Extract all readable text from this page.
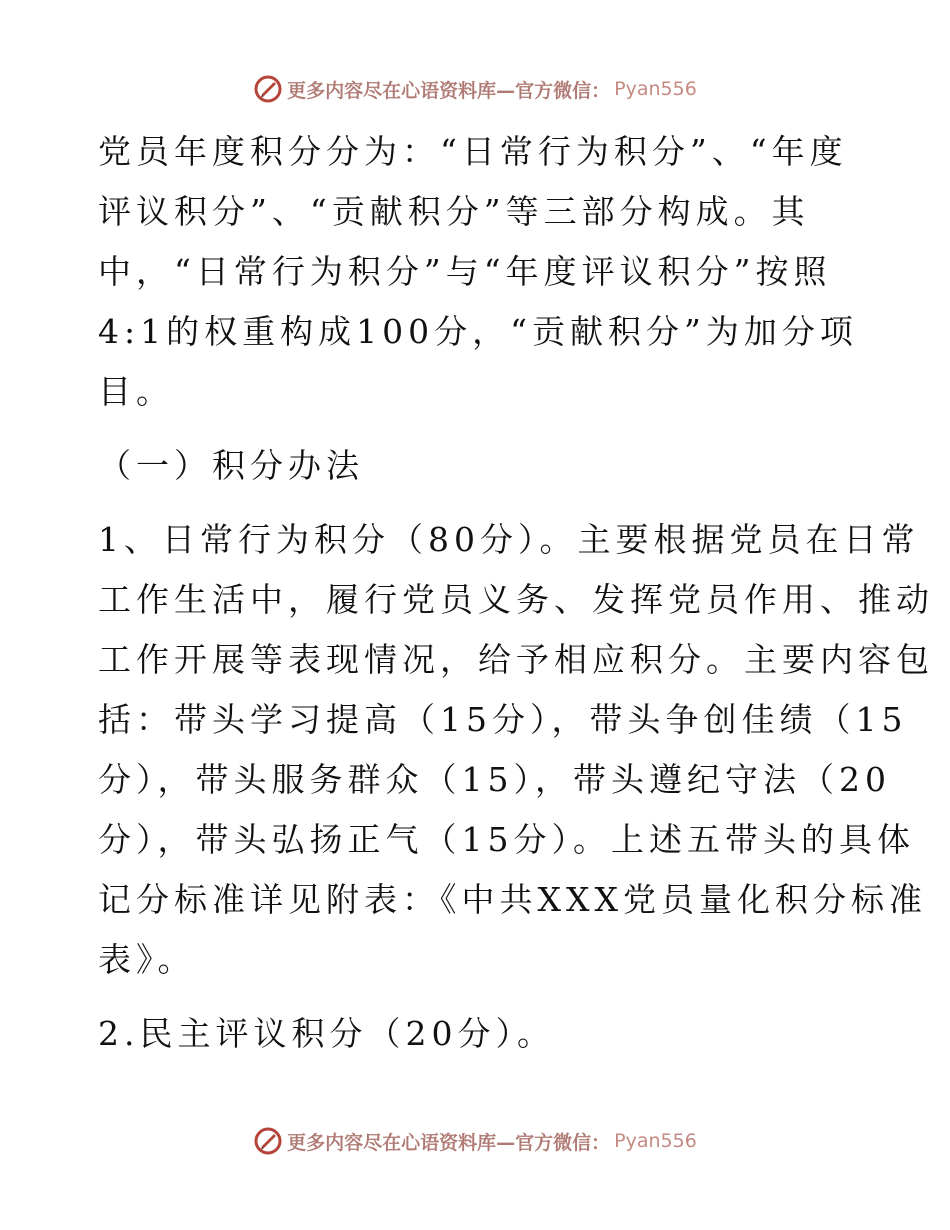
更多内容尽在心语资料库—官方微信： Pyan556
党员年度积分分为：“日常行为积分”、“年度
评议积分”、“贡献积分”等三部分构成。其
中，“日常行为积分”与“年度评议积分”按照
4:1的权重构成100分，“贡献积分”为加分项
目。
（一）积分办法
1、日常行为积分（80分）。主要根据党员在日常
工作生活中，履行党员义务、发挥党员作用、推动
工作开展等表现情况，给予相应积分。主要内容包
括：带头学习提高（15分），带头争创佳绩（15
分），带头服务群众（15），带头遵纪守法（20
分），带头弘扬正气（15分）。上述五带头的具体
记分标准详见附表：《中共XXX党员量化积分标准
表》。
2.民主评议积分（20分）。
更多内容尽在心语资料库—官方微信： Pyan556
